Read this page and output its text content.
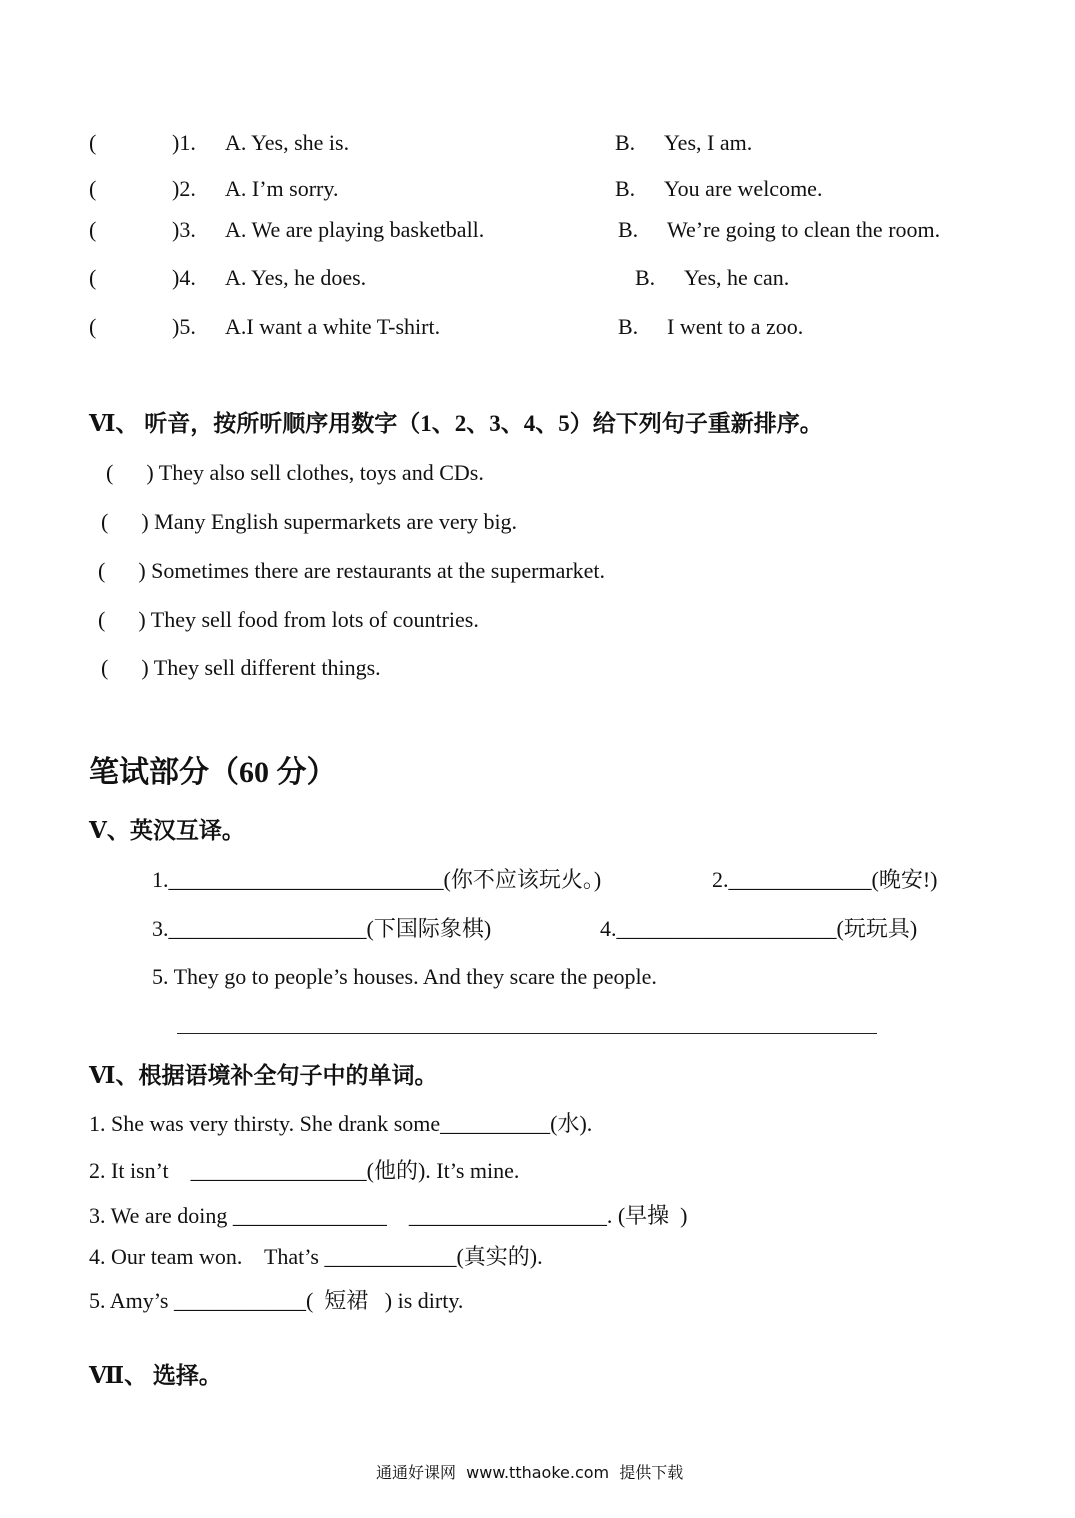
(	)1. A. Yes, she is.	B. Yes, I am.
(	)2. A. I’m sorry.	B. You are welcome.
(	)3. A. We are playing basketball.	B. We’re going to clean the room.
(	)4. A. Yes, he does.	B. Yes, he can.
(	)5. A.I want a white T-shirt.	B. I went to a zoo.
Ⅵ、 听音，按所听顺序用数字（1、2、3、4、5）给下列句子重新排序。
(      ) They also sell clothes, toys and CDs.
(      ) Many English supermarkets are very big.
(      ) Sometimes there are restaurants at the supermarket.
(      ) They sell food from lots of countries.
(      ) They sell different things.
笔试部分（60 分）
Ⅴ、英汉互译。
1._________________________(你不应该玩火。)	2._____________(晚安!)
3.__________________(下国际象棋)	4.____________________(玩玩具)
5. They go to people’s houses. And they scare the people.
Ⅵ、根据语境补全句子中的单词。
1. She was very thirsty. She drank some__________(水).
2. It isn’t    ________________(他的). It’s mine.
3. We are doing ______________    __________________. (早操  )
4. Our team won.    That’s ____________(真实的).
5. Amy’s ____________(  短裙   ) is dirty.
Ⅶ、 选择。
通通好课网  www.tthaoke.com  提供下载
